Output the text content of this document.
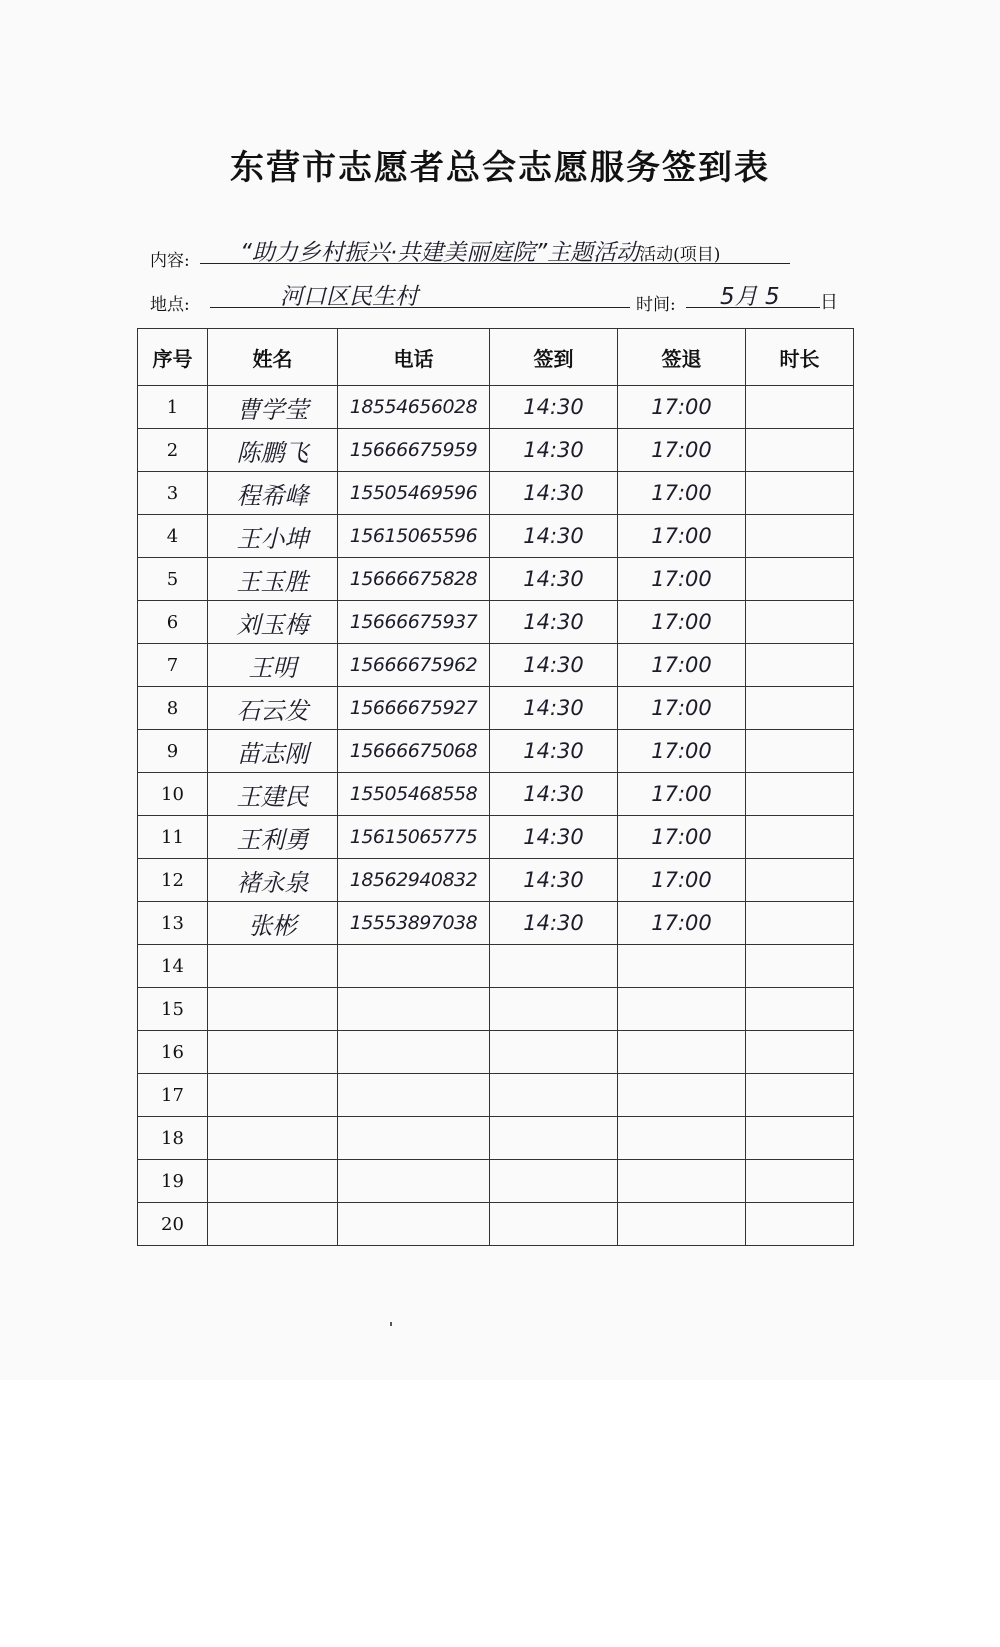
东营市志愿者总会志愿服务签到表
内容:	“助力乡村振兴·共建美丽庭院”主题活动活动(项目)
地点:	河口区民生村	时间:	5月 5	日
序号	姓名	电话	签到	签退	时长
1	曹学莹	18554656028	14:30	17:00	
2	陈鹏飞	15666675959	14:30	17:00	
3	程希峰	15505469596	14:30	17:00	
4	王小坤	15615065596	14:30	17:00	
5	王玉胜	15666675828	14:30	17:00	
6	刘玉梅	15666675937	14:30	17:00	
7	王明	15666675962	14:30	17:00	
8	石云发	15666675927	14:30	17:00	
9	苗志刚	15666675068	14:30	17:00	
10	王建民	15505468558	14:30	17:00	
11	王利勇	15615065775	14:30	17:00	
12	褚永泉	18562940832	14:30	17:00	
13	张彬	15553897038	14:30	17:00	
14					
15					
16					
17					
18					
19					
20					
